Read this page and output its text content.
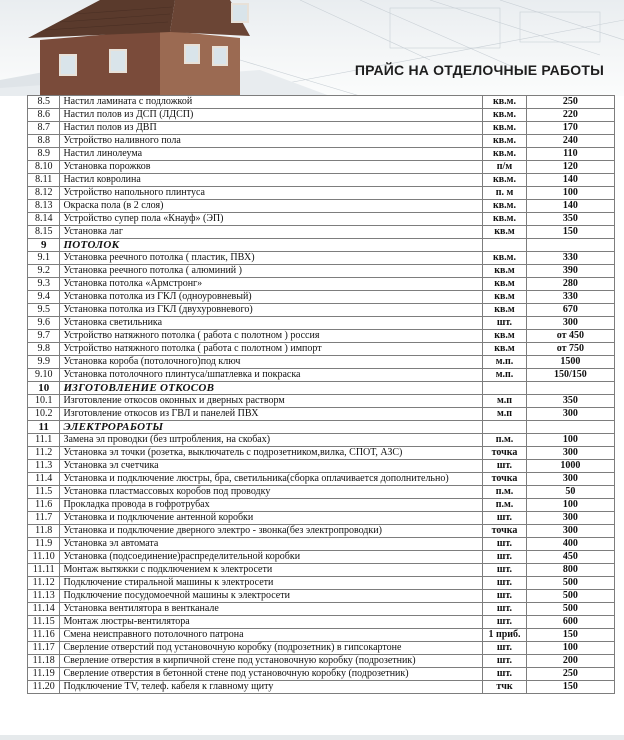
ПРАЙС НА ОТДЕЛОЧНЫЕ РАБОТЫ
8.5	Настил ламината с подложкой	кв.м.	250
8.6	Настил полов из ДСП (ЛДСП)	кв.м.	220
8.7	Настил полов из ДВП	кв.м.	170
8.8	Устройство наливного пола	кв.м.	240
8.9	Настил линолеума	кв.м.	110
8.10	Установка порожков	п/м	120
8.11	Настил ковролина	кв.м.	140
8.12	Устройство напольного плинтуса	п. м	100
8.13	Окраска пола (в 2 слоя)	кв.м.	140
8.14	Устройство супер пола «Кнауф» (ЭП)	кв.м.	350
8.15	Установка лаг	кв.м	150
9	ПОТОЛОК		
9.1	Установка реечного потолка ( пластик, ПВХ)	кв.м.	330
9.2	Установка реечного потолка ( алюминий )	кв.м	390
9.3	Установка потолка «Армстронг»	кв.м	280
9.4	Установка потолка из ГКЛ (одноуровневый)	кв.м	330
9.5	Установка потолка из ГКЛ (двухуровневого)	кв.м	670
9.6	Установка светильника	шт.	300
9.7	Устройство натяжного потолка ( работа с полотном ) россия	кв.м	от 450
9.8	Устройство натяжного потолка ( работа с полотном ) импорт	кв.м	от 750
9.9	Установка короба (потолочного)под ключ	м.п.	1500
9.10	Установка потолочного плинтуса/шпатлевка и покраска	м.п.	150/150
10	ИЗГОТОВЛЕНИЕ ОТКОСОВ		
10.1	Изготовление откосов оконных и дверных растворм	м.п	350
10.2	Изготовление откосов из ГВЛ и панелей ПВХ	м.п	300
11	ЭЛЕКТРОРАБОТЫ		
11.1	Замена эл проводки (без штробления, на скобах)	п.м.	100
11.2	Установка эл точки (розетка, выключатель с подрозетником,вилка, СПОТ, АЗС)	точка	300
11.3	Установка эл счетчика	шт.	1000
11.4	Установка и подключение люстры, бра, светильника(сборка оплачивается дополнительно)	точка	300
11.5	Установка пластмассовых коробов под проводку	п.м.	50
11.6	Прокладка провода в гофротрубах	п.м.	100
11.7	Установка и подключение антенной коробки	шт.	300
11.8	Установка и подключение дверного электро - звонка(без электропроводки)	точка	300
11.9	Установка эл автомата	шт.	400
11.10	Установка (подсоединение)распределительной коробки	шт.	450
11.11	Монтаж вытяжки с подключением к электросети	шт.	800
11.12	Подключение стиральной машины к электросети	шт.	500
11.13	Подключение посудомоечной машины к электросети	шт.	500
11.14	Установка вентилятора в вентканале	шт.	500
11.15	Монтаж люстры-вентилятора	шт.	600
11.16	Смена неисправного потолочного патрона	1 приб.	150
11.17	Сверление отверстий под установочную коробку (подрозетник) в гипсокартоне	шт.	100
11.18	Сверление отверстия в кирпичной стене под установочную коробку (подрозетник)	шт.	200
11.19	Сверление отверстия в бетонной стене под установочную коробку (подрозетник)	шт.	250
11.20	Подключение TV, телеф. кабеля к главному щиту	тчк	150
